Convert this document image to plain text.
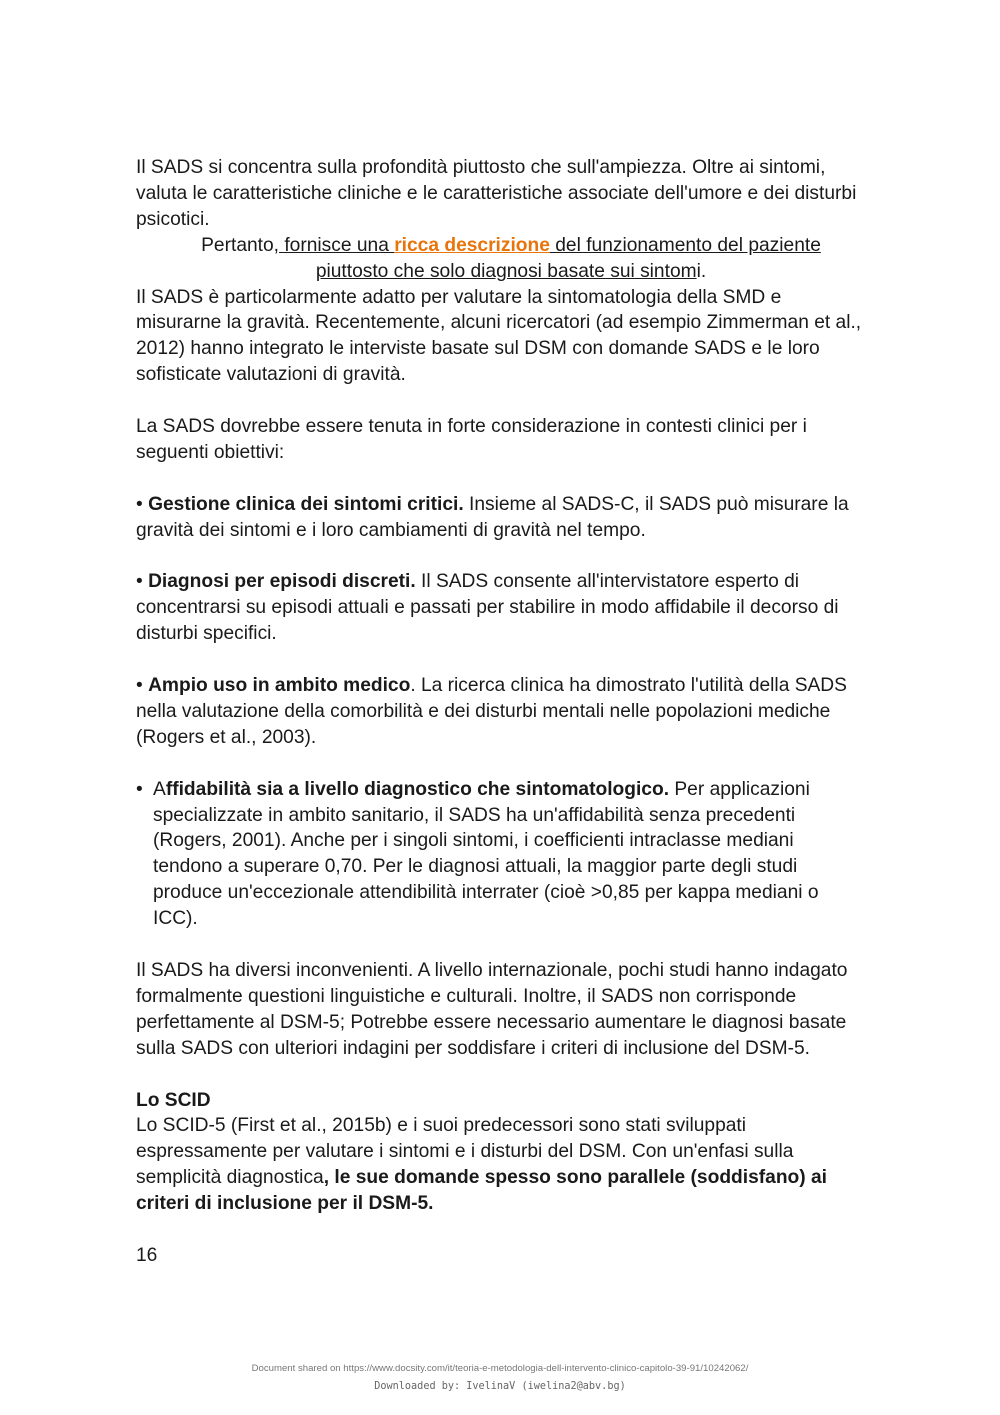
Il SADS si concentra sulla profondità piuttosto che sull'ampiezza. Oltre ai sintomi, valuta le caratteristiche cliniche e le caratteristiche associate dell'umore e dei disturbi psicotici.

Pertanto, fornisce una ricca descrizione del funzionamento del paziente
piuttosto che solo diagnosi basate sui sintomi.

Il SADS è particolarmente adatto per valutare la sintomatologia della SMD e misurarne la gravità. Recentemente, alcuni ricercatori (ad esempio Zimmerman et al., 2012) hanno integrato le interviste basate sul DSM con domande SADS e le loro sofisticate valutazioni di gravità.

La SADS dovrebbe essere tenuta in forte considerazione in contesti clinici per i seguenti obiettivi:

• Gestione clinica dei sintomi critici. Insieme al SADS-C, il SADS può misurare la gravità dei sintomi e i loro cambiamenti di gravità nel tempo.

• Diagnosi per episodi discreti. Il SADS consente all'intervistatore esperto di concentrarsi su episodi attuali e passati per stabilire in modo affidabile il decorso di disturbi specifici.

• Ampio uso in ambito medico. La ricerca clinica ha dimostrato l'utilità della SADS nella valutazione della comorbilità e dei disturbi mentali nelle popolazioni mediche (Rogers et al., 2003).

• Affidabilità sia a livello diagnostico che sintomatologico. Per applicazioni specializzate in ambito sanitario, il SADS ha un'affidabilità senza precedenti (Rogers, 2001). Anche per i singoli sintomi, i coefficienti intraclasse mediani tendono a superare 0,70. Per le diagnosi attuali, la maggior parte degli studi produce un'eccezionale attendibilità interrater (cioè >0,85 per kappa mediani o ICC).

Il SADS ha diversi inconvenienti. A livello internazionale, pochi studi hanno indagato formalmente questioni linguistiche e culturali. Inoltre, il SADS non corrisponde perfettamente al DSM-5; Potrebbe essere necessario aumentare le diagnosi basate sulla SADS con ulteriori indagini per soddisfare i criteri di inclusione del DSM-5.

Lo SCID

Lo SCID-5 (First et al., 2015b) e i suoi predecessori sono stati sviluppati espressamente per valutare i sintomi e i disturbi del DSM. Con un'enfasi sulla semplicità diagnostica, le sue domande spesso sono parallele (soddisfano) ai criteri di inclusione per il DSM-5.

16

Document shared on https://www.docsity.com/it/teoria-e-metodologia-dell-intervento-clinico-capitolo-39-91/10242062/
Downloaded by: IvelinaV (iwelina2@abv.bg)
